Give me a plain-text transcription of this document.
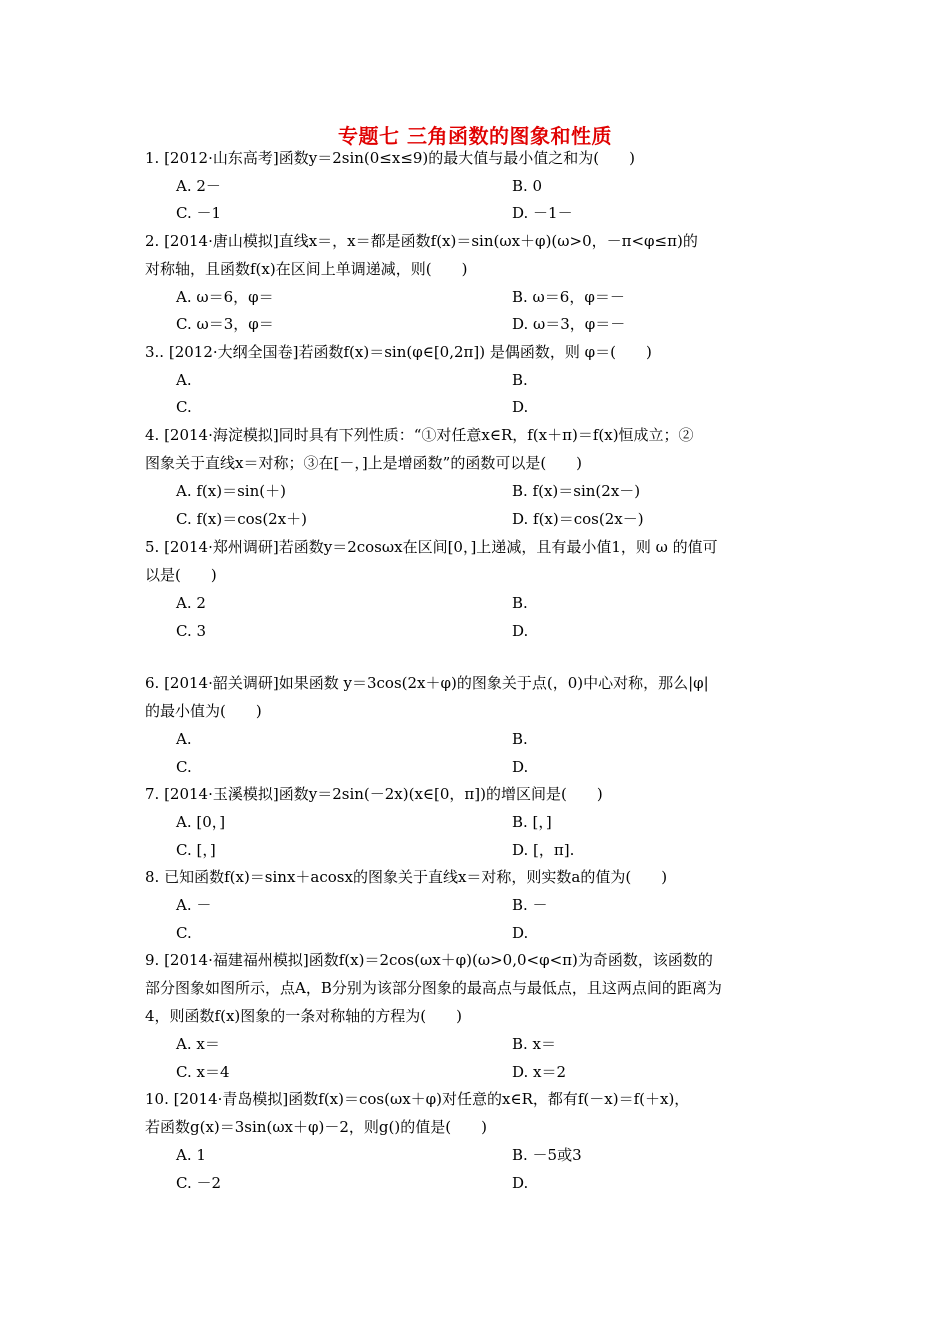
专题七 三角函数的图象和性质
1. [2012·山东高考]函数y＝2sin(0≤x≤9)的最大值与最小值之和为(　　)
A. 2－	B. 0
C. －1	D. －1－
2. [2014·唐山模拟]直线x＝，x＝都是函数f(x)＝sin(ωx＋φ)(ω>0，－π<φ≤π)的
对称轴，且函数f(x)在区间上单调递减，则(　　)
A. ω＝6，φ＝	B. ω＝6，φ＝－
C. ω＝3，φ＝	D. ω＝3，φ＝－
3.. [2012·大纲全国卷]若函数f(x)＝sin(φ∈[0,2π]) 是偶函数，则 φ＝(　　)
A.	B.
C.	D.
4. [2014·海淀模拟]同时具有下列性质：“①对任意x∈R，f(x＋π)＝f(x)恒成立；②
图象关于直线x＝对称；③在[－，]上是增函数”的函数可以是(　　)
A. f(x)＝sin(＋)	B. f(x)＝sin(2x－)
C. f(x)＝cos(2x＋)	D. f(x)＝cos(2x－)
5. [2014·郑州调研]若函数y＝2cosωx在区间[0，]上递减，且有最小值1，则 ω 的值可
以是(　　)
A. 2	B.
C. 3	D.
6. [2014·韶关调研]如果函数 y＝3cos(2x＋φ)的图象关于点(，0)中心对称，那么|φ|
的最小值为(　　)
A.	B.
C.	D.
7. [2014·玉溪模拟]函数y＝2sin(－2x)(x∈[0，π])的增区间是(　　)
A. [0，]	B. [，]
C. [，]	D. [，π].
8. 已知函数f(x)＝sinx＋acosx的图象关于直线x＝对称，则实数a的值为(　　)
A. －	B. －
C.	D.
9. [2014·福建福州模拟]函数f(x)＝2cos(ωx＋φ)(ω>0,0<φ<π)为奇函数，该函数的
部分图象如图所示，点A，B分别为该部分图象的最高点与最低点，且这两点间的距离为
4，则函数f(x)图象的一条对称轴的方程为(　　)
A. x＝	B. x＝
C. x＝4	D. x＝2
10. [2014·青岛模拟]函数f(x)＝cos(ωx＋φ)对任意的x∈R，都有f(－x)＝f(＋x)，
若函数g(x)＝3sin(ωx＋φ)－2，则g()的值是(　　)
A. 1	B. －5或3
C. －2	D.
